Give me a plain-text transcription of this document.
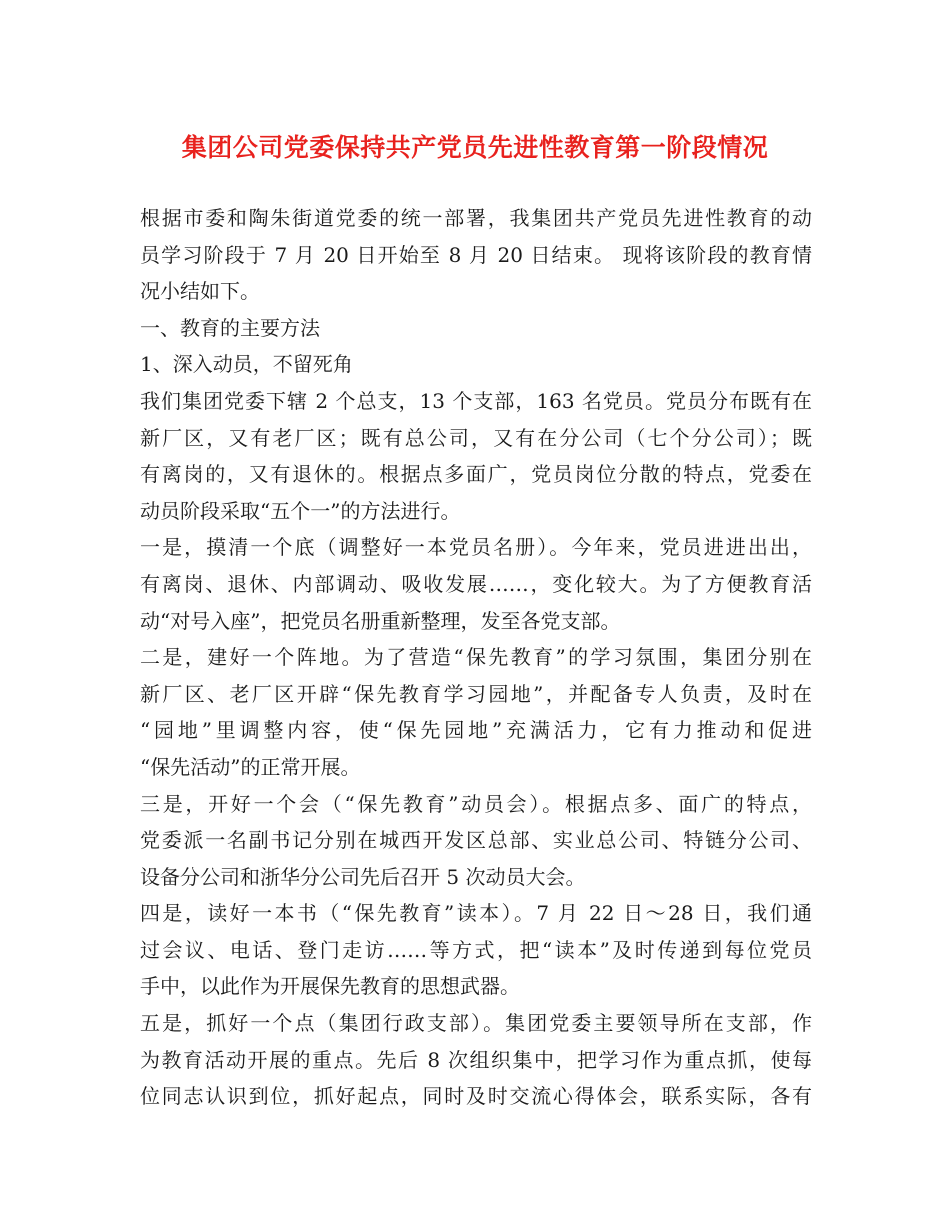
集团公司党委保持共产党员先进性教育第一阶段情况

根据市委和陶朱街道党委的统一部署，我集团共产党员先进性教育的动

员学习阶段于 7 月 20 日开始至 8 月 20 日结束。 现将该阶段的教育情

况小结如下。

一、教育的主要方法

1、深入动员，不留死角

我们集团党委下辖 2 个总支，13 个支部，163 名党员。党员分布既有在

新厂区，又有老厂区；既有总公司，又有在分公司（七个分公司）；既

有离岗的，又有退休的。根据点多面广，党员岗位分散的特点，党委在

动员阶段采取“五个一”的方法进行。

一是，摸清一个底（调整好一本党员名册）。今年来，党员进进出出，

有离岗、退休、内部调动、吸收发展……，变化较大。为了方便教育活

动“对号入座”，把党员名册重新整理，发至各党支部。

二是，建好一个阵地。为了营造“保先教育”的学习氛围，集团分别在

新厂区、老厂区开辟“保先教育学习园地”，并配备专人负责，及时在

“园地”里调整内容，使“保先园地”充满活力，它有力推动和促进

“保先活动”的正常开展。

三是，开好一个会（“保先教育”动员会）。根据点多、面广的特点，

党委派一名副书记分别在城西开发区总部、实业总公司、特链分公司、

设备分公司和浙华分公司先后召开 5 次动员大会。

四是，读好一本书（“保先教育”读本）。7 月 22 日～28 日，我们通

过会议、电话、登门走访……等方式，把“读本”及时传递到每位党员

手中，以此作为开展保先教育的思想武器。

五是，抓好一个点（集团行政支部）。集团党委主要领导所在支部，作

为教育活动开展的重点。先后 8 次组织集中，把学习作为重点抓，使每

位同志认识到位，抓好起点，同时及时交流心得体会，联系实际，各有
